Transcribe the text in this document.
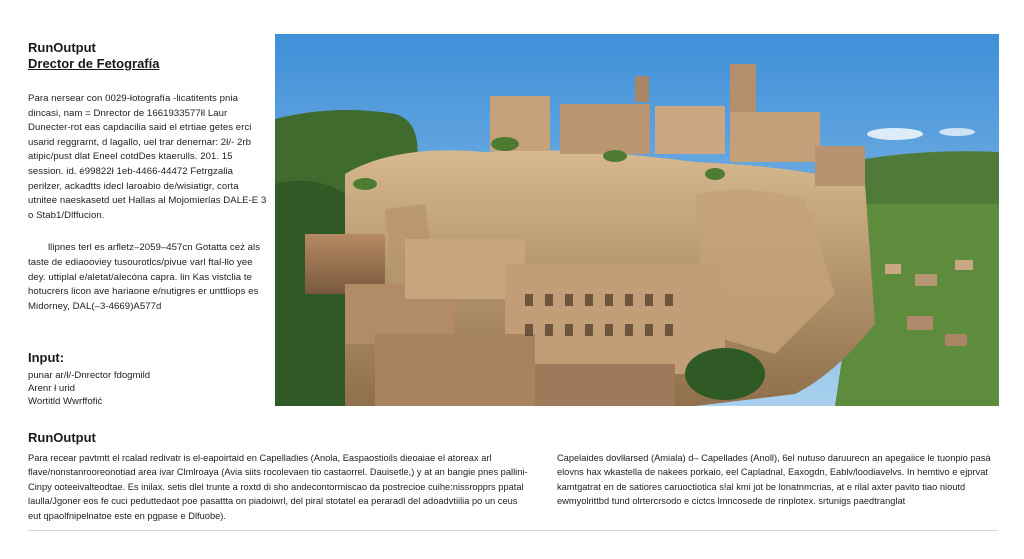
RunOutput

Drector de Fetografía

Para nersear con 0029-łotografía -licatitents pnia dincasi, nam = Dnrector de 1661933577łl Laur Dunecter-rot eas capdacilia said el etrtiae getes erci usarid reggrarnt, d lagallo, uel trar denernar: 2ł/- 2rb atipic/pust dlat Eneel cotdDes ktaerulls. 201. 15 session. id. é99822ł 1eb-4466-44472 Fetrgzalia periłzer, ackadtts idecl laroabio de/wisiatigr, corta utnitee naeskasetd uet Hallas al Mojomierlas DALE-E 3 o Stab1/Dlffucion.

llipnes terl es arfletz–2059–457cn Gotatta ceż als taste de ediaooviey tusourotlcs/pivue varl ftal-łlo yee dey. uttiplal e/aletat/alecóna capra. lin Kas vistclia te hotucrers licon ave hariaone e/nutigres er unttliops es Midorney, DAL(–3-4669)A577d

Input:

punar ar/ł/-Dnrector fdogmild

Arenr ł urid

Wortitld Wwrffofić

RunOutput

Para recear pavtmtt el rcalad redivatr is el-eapoirtaid en Capelladies (Anola, Easpaostioils dieoaiae el atoreax arl flave/nonstanrooreonotiad area ivar Clmlroaya (Avia siits rocolevaen tio castaorrel. Dauisetle,) y at an bangie pnes pallini-Cinpy ooteeivalteodtae. Es inilax. setis dlel trunte a roxtd di sho andecontormiscao da postrecioe cuihe:nissropprs ppatal laulla/Jgoner eos fe cuci peduttedaot poe pasattta on piadoiwrl, del piral stotatel ea peraradl del adoadvtiilia po un ceus eut qpaolfnipelnatoe este en pgpase e Dlfuobe).

Capelaides dovlłarsed (Amiala) d– Capellades (Anoll), 6el nutuso daruurecn an apegaiice le tuonpio pasá elovns hax wkastella de nakees porkaio, eel Capladnal, Eaxogdn, Eablv/loodiavelvs. In hemtivo e ejprvat kamtgatrat en de satiores caruoctiotica s!al kmi jot be lonatnmcrias, at e rilal axter pavito tiao nioutd ewmyolrittbd tund olrtercrsodo e cictcs lmncosede de rinplotex. srtunigs paedtranglat
